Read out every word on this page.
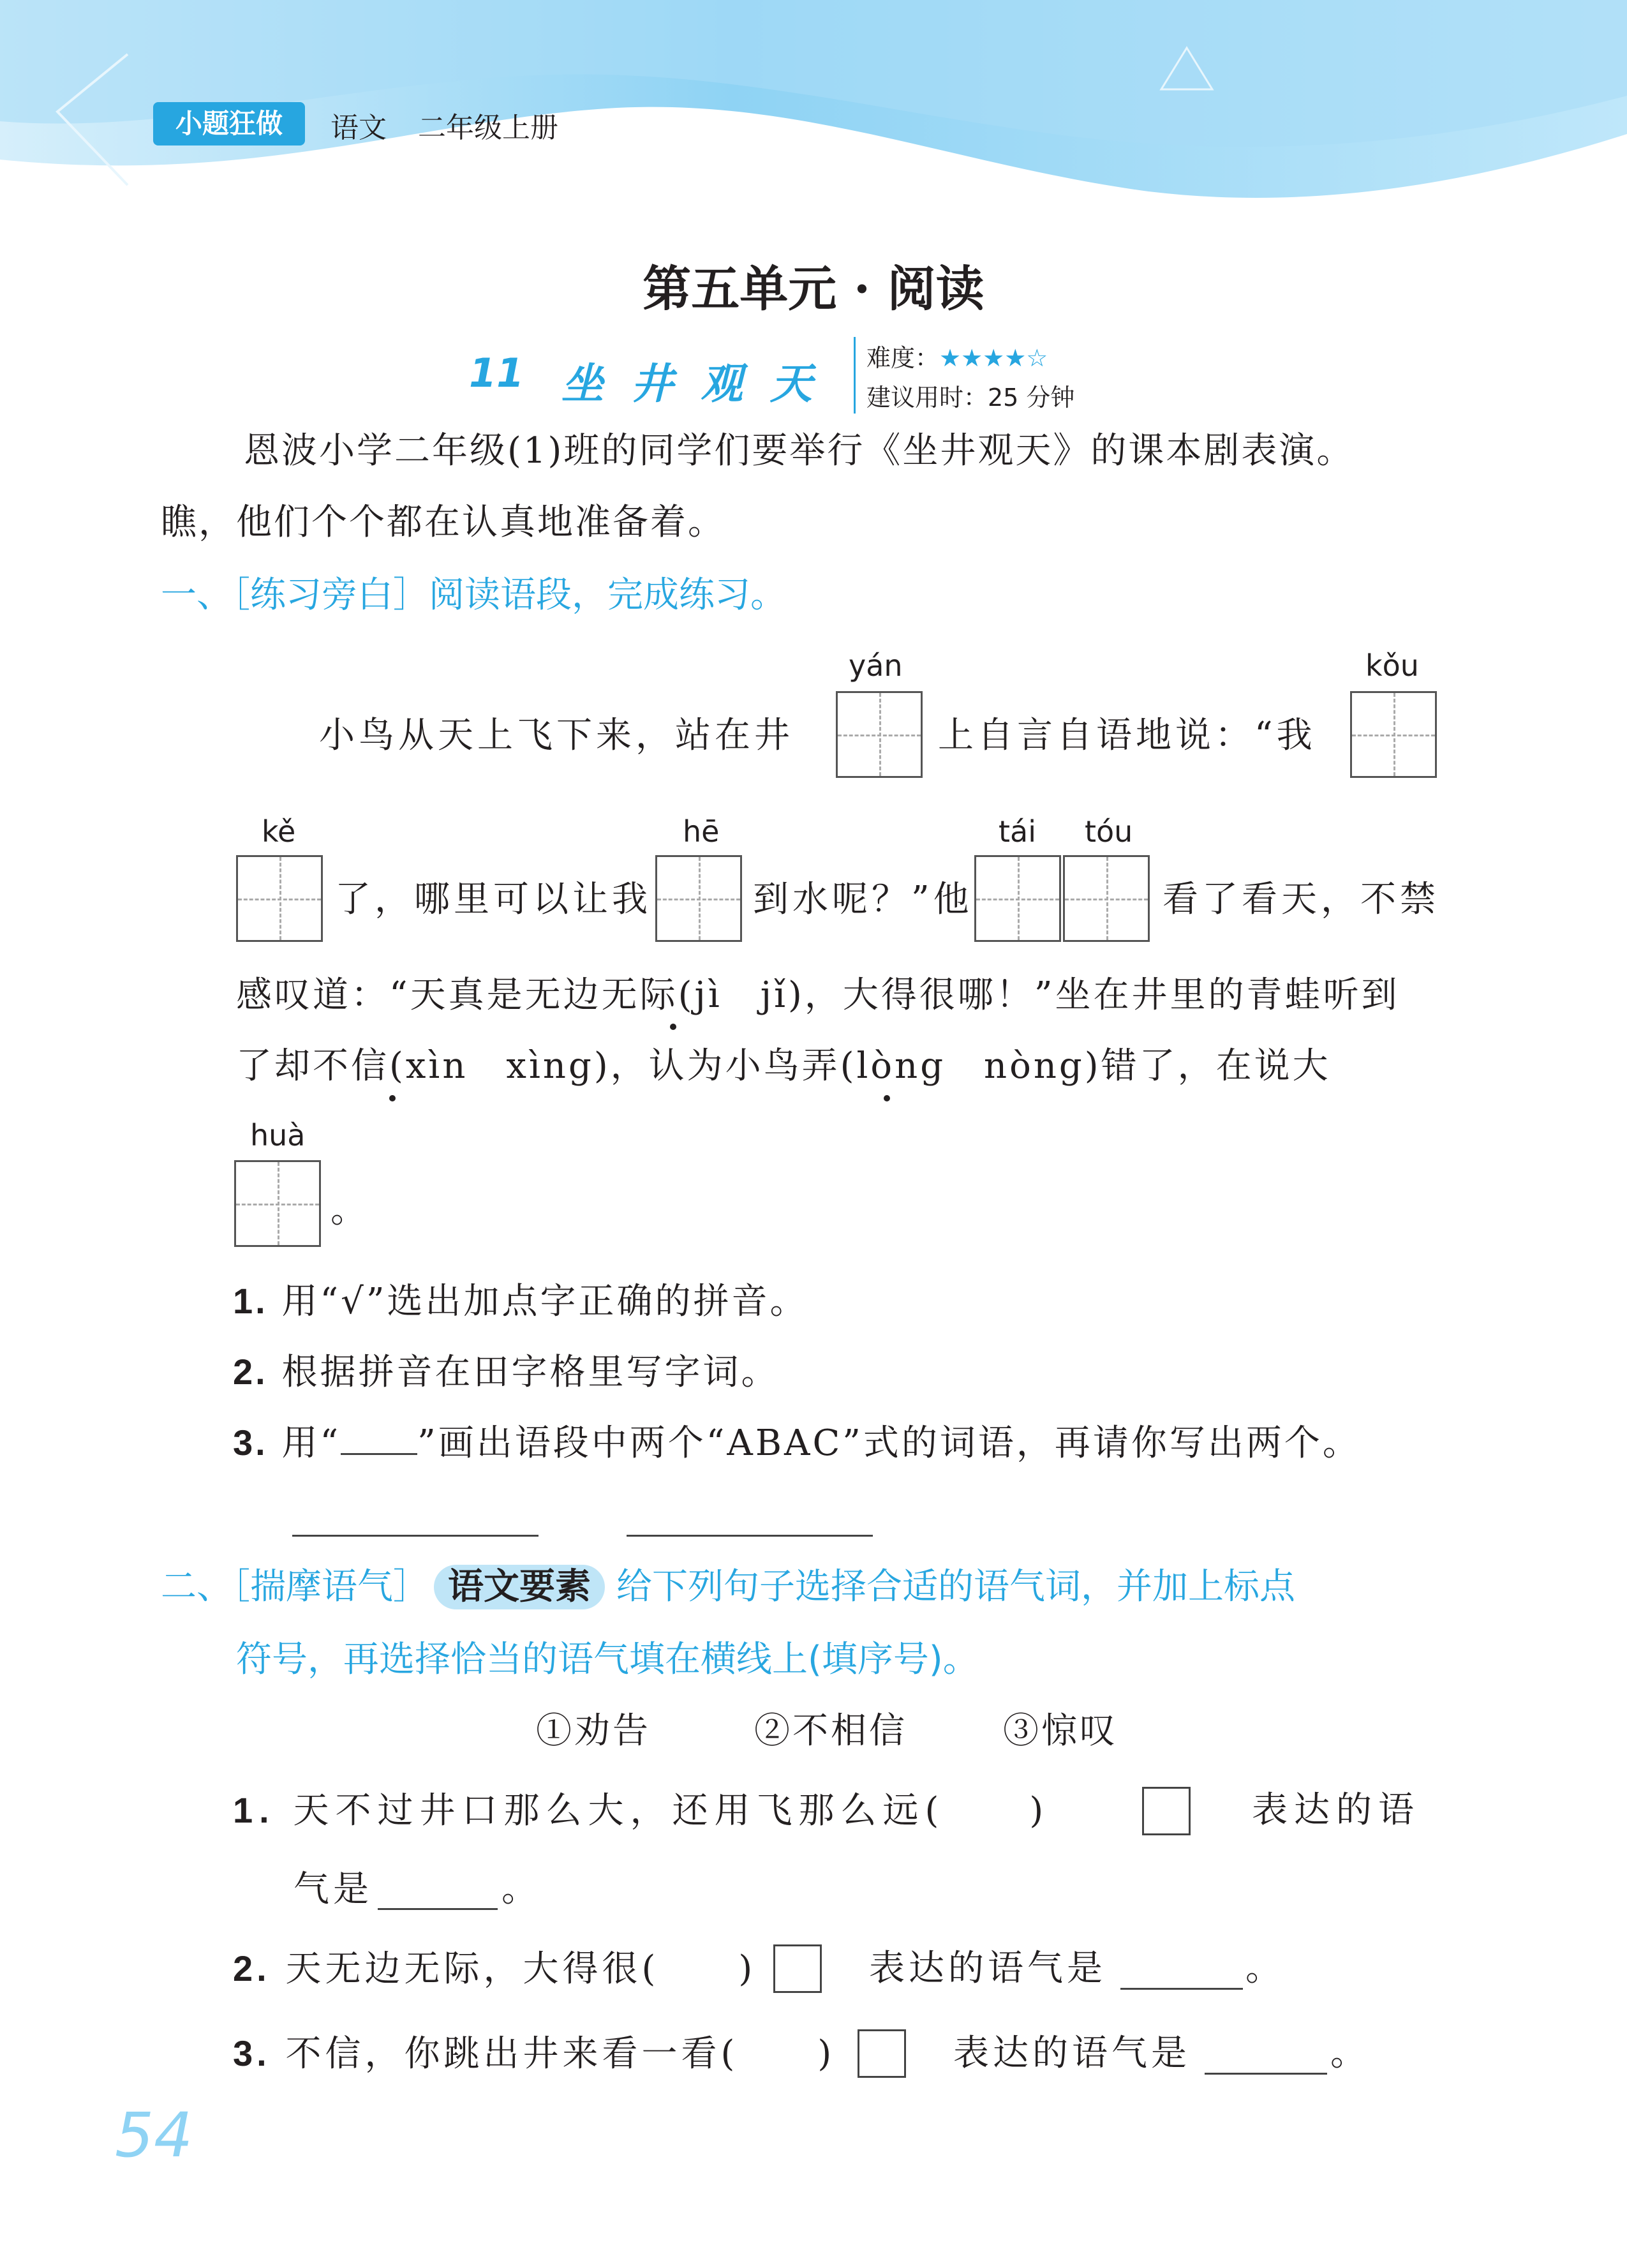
小题狂做	语文 二年级上册
第五单元 · 阅读
11 坐 井 观 天
难度：★★★★☆
建议用时：25 分钟
恩波小学二年级(1)班的同学们要举行《坐井观天》的课本剧表演。
瞧，他们个个都在认真地准备着。
一、［练习旁白］阅读语段，完成练习。
yán	kǒu
小鸟从天上飞下来，站在井	上自言自语地说：“我
kě	hē	tái tóu
了，哪里可以让我	到水呢？”他	看了看天，不禁
感叹道：“天真是无边无际(jì　jǐ)，大得很哪！”坐在井里的青蛙听到
了却不信(xìn　xìng)，认为小鸟弄(lòng　nòng)错了，在说大
huà
。
1. 用“√”选出加点字正确的拼音。
2. 根据拼音在田字格里写字词。
3. 用“ ”画出语段中两个“ABAC”式的词语，再请你写出两个。
二、［揣摩语气］ 语文要素 给下列句子选择合适的语气词，并加上标点
符号，再选择恰当的语气填在横线上(填序号)。
①劝告	②不相信	③惊叹
1. 天不过井口那么大，还用飞那么远(　　)	表达的语
气是	。
2. 天无边无际，大得很(　　)	表达的语气是	。
3. 不信，你跳出井来看一看(　　)	表达的语气是	。
54
